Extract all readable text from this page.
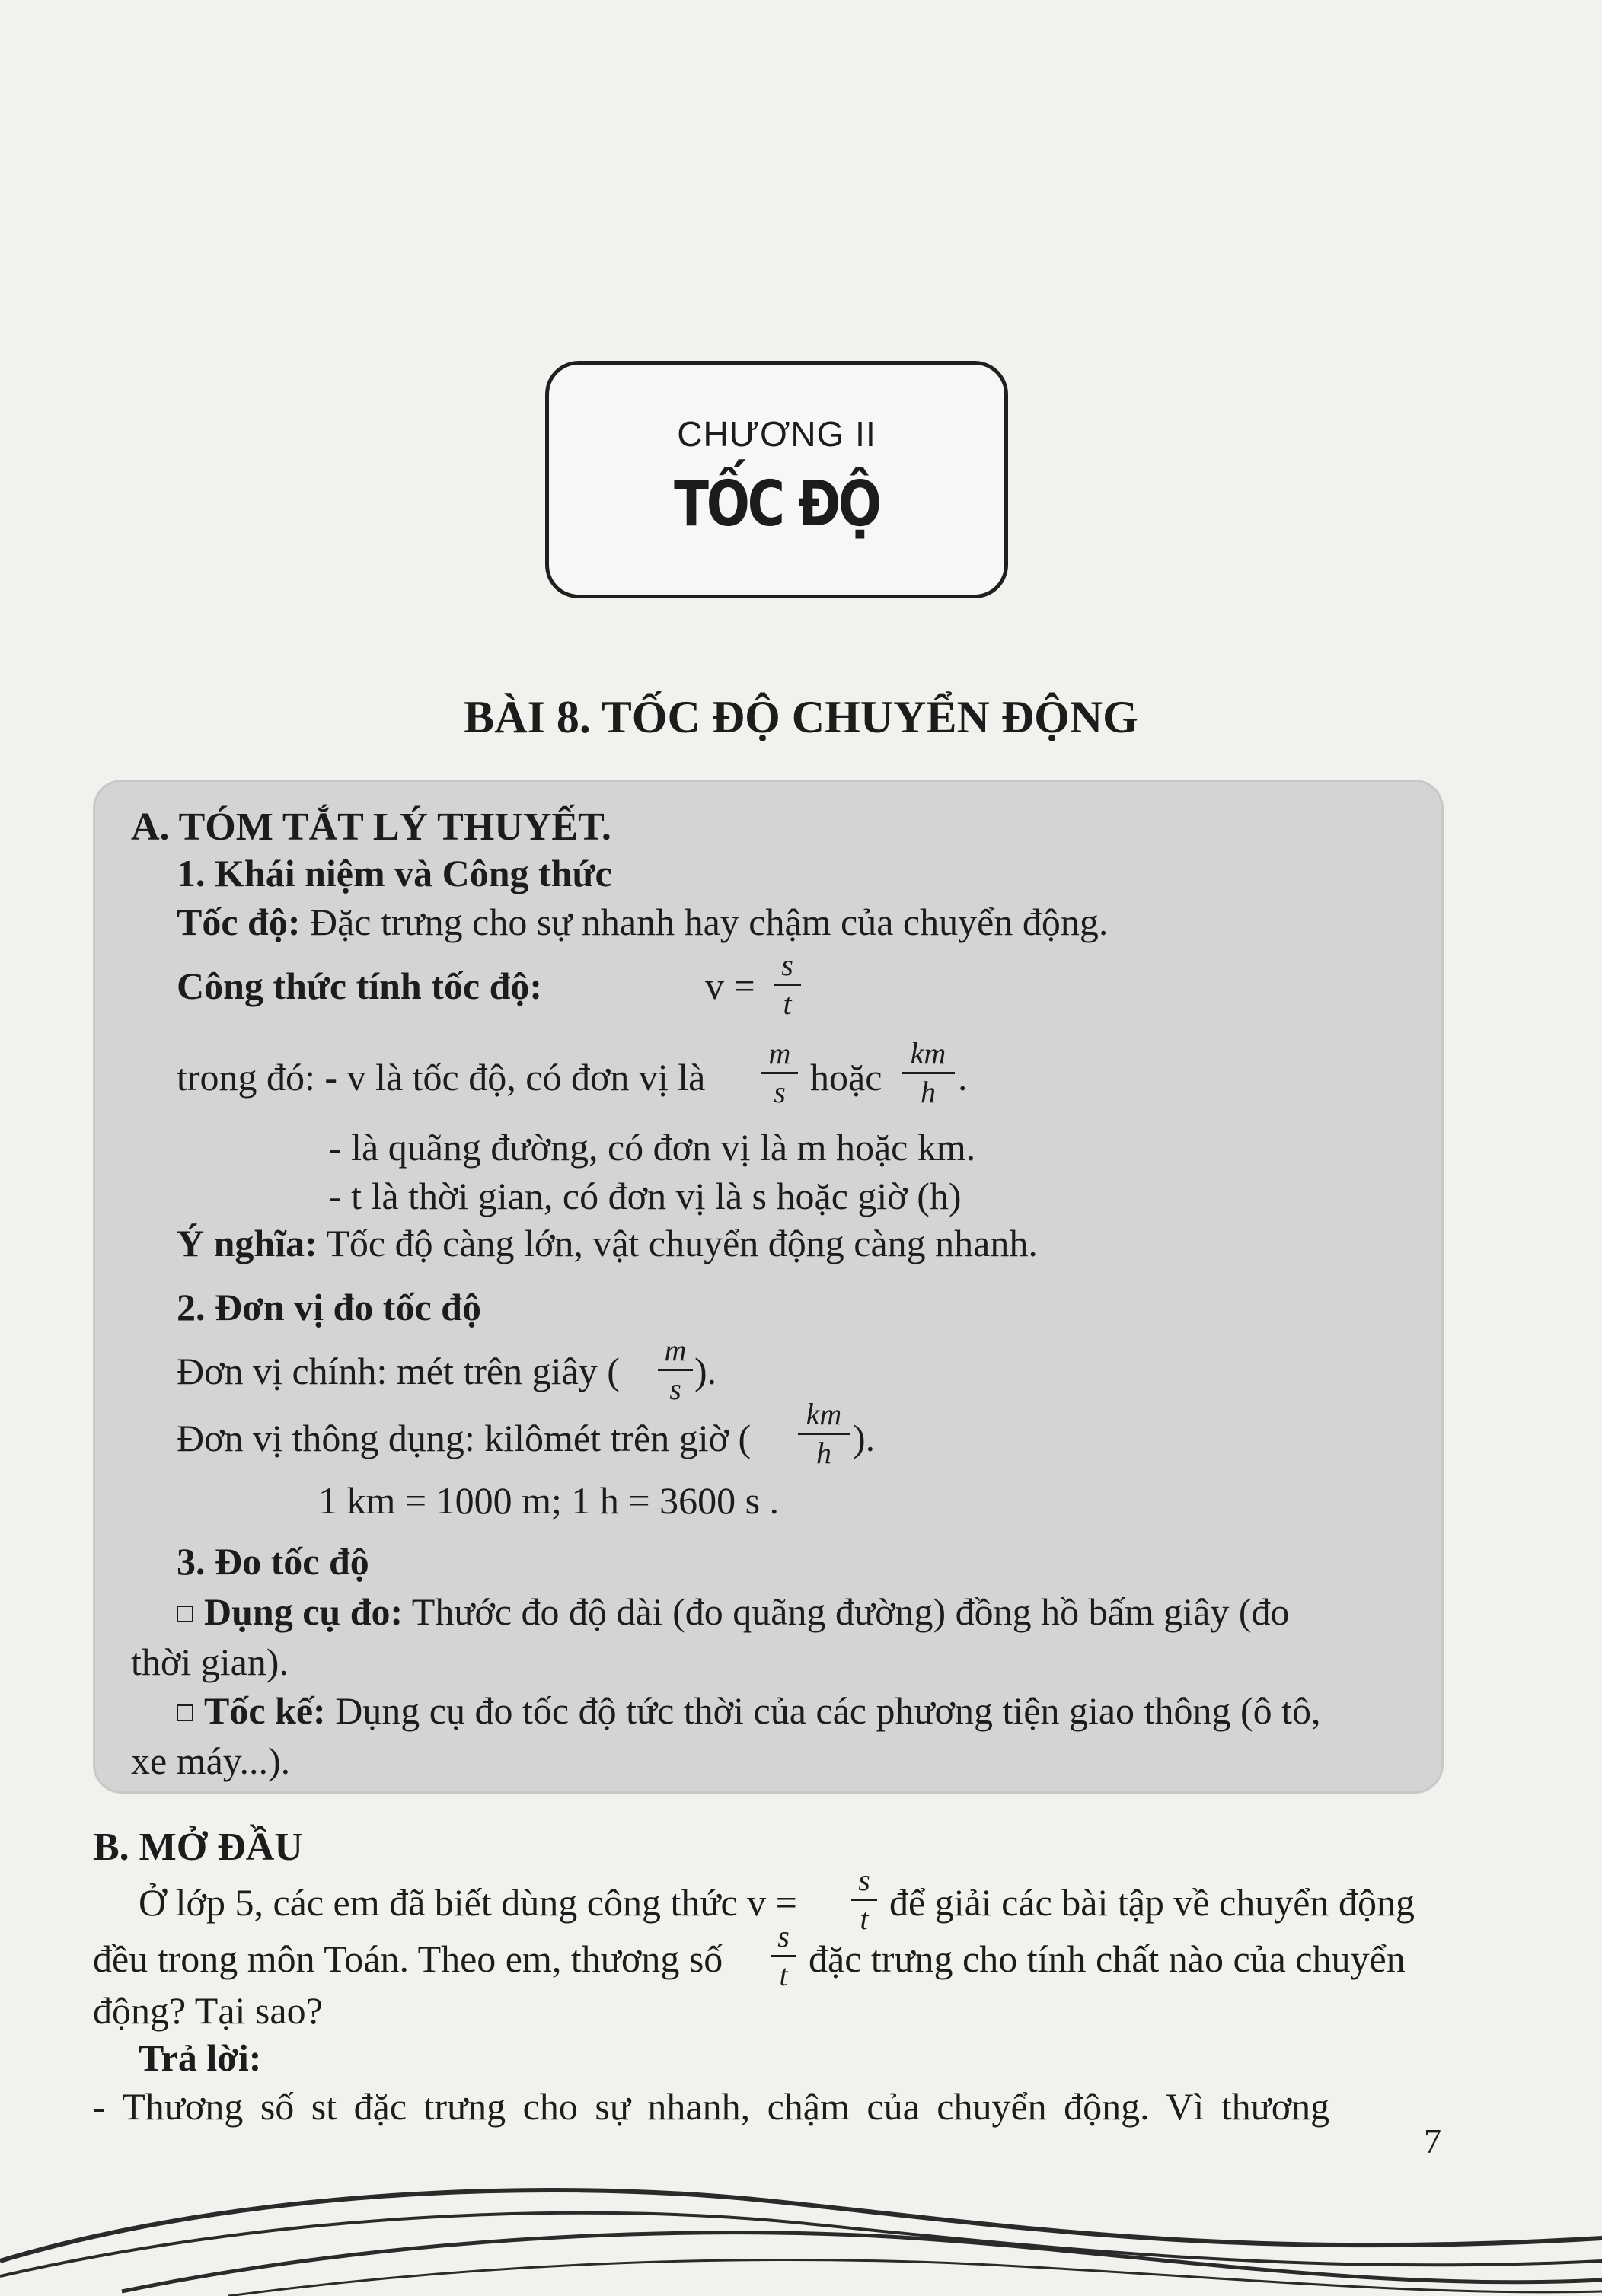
CHƯƠNG II
TỐC ĐỘ
BÀI 8. TỐC ĐỘ CHUYỂN ĐỘNG
A. TÓM TẮT LÝ THUYẾT.
1. Khái niệm và Công thức
Tốc độ: Đặc trưng cho sự nhanh hay chậm của chuyển động.
Công thức tính tốc độ:	$v = \frac{s}{t}$
trong đó: - v là tốc độ, có đơn vị là $\frac{m}{s}$ hoặc $\frac{km}{h}$ .
- là quãng đường, có đơn vị là m hoặc km.
- t là thời gian, có đơn vị là s hoặc giờ (h)
Ý nghĩa: Tốc độ càng lớn, vật chuyển động càng nhanh.
2. Đơn vị đo tốc độ
Đơn vị chính: mét trên giây ( $\frac{m}{s}$ ).
Đơn vị thông dụng: kilômét trên giờ ( $\frac{km}{h}$ ).
1 km = 1000 m; 1 h = 3600 s .
3. Đo tốc độ
Dụng cụ đo: Thước đo độ dài (đo quãng đường) đồng hồ bấm giây (đo
thời gian).
Tốc kế: Dụng cụ đo tốc độ tức thời của các phương tiện giao thông (ô tô,
xe máy...).
B. MỞ ĐẦU
Ở lớp 5, các em đã biết dùng công thức $v = \frac{s}{t}$ để giải các bài tập về chuyển động
đều trong môn Toán. Theo em, thương số $\frac{s}{t}$ đặc trưng cho tính chất nào của chuyển
động? Tại sao?
Trả lời:
- Thương số st đặc trưng cho sự nhanh, chậm của chuyển động. Vì thương
7
